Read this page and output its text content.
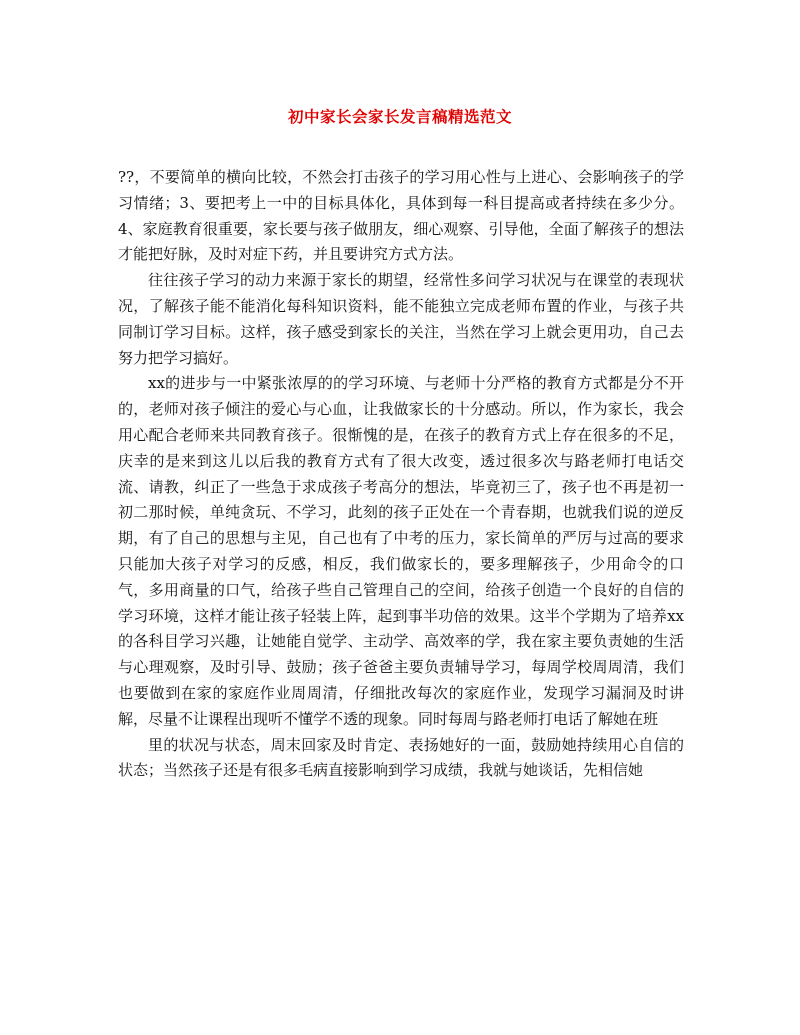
初中家长会家长发言稿精选范文

??，不要简单的横向比较，不然会打击孩子的学习用心性与上进心、会影响孩子的学习情绪；3、要把考上一中的目标具体化，具体到每一科目提高或者持续在多少分。4、家庭教育很重要，家长要与孩子做朋友，细心观察、引导他，全面了解孩子的想法才能把好脉，及时对症下药，并且要讲究方式方法。

往往孩子学习的动力来源于家长的期望，经常性多问学习状况与在课堂的表现状况，了解孩子能不能消化每科知识资料，能不能独立完成老师布置的作业，与孩子共同制订学习目标。这样，孩子感受到家长的关注，当然在学习上就会更用功，自己去努力把学习搞好。

xx的进步与一中紧张浓厚的的学习环境、与老师十分严格的教育方式都是分不开的，老师对孩子倾注的爱心与心血，让我做家长的十分感动。所以，作为家长，我会用心配合老师来共同教育孩子。很惭愧的是，在孩子的教育方式上存在很多的不足，庆幸的是来到这儿以后我的教育方式有了很大改变，透过很多次与路老师打电话交流、请教，纠正了一些急于求成孩子考高分的想法，毕竟初三了，孩子也不再是初一初二那时候，单纯贪玩、不学习，此刻的孩子正处在一个青春期，也就我们说的逆反期，有了自己的思想与主见，自己也有了中考的压力，家长简单的严厉与过高的要求只能加大孩子对学习的反感，相反，我们做家长的，要多理解孩子，少用命令的口气，多用商量的口气，给孩子些自己管理自己的空间，给孩子创造一个良好的自信的学习环境，这样才能让孩子轻装上阵，起到事半功倍的效果。这半个学期为了培养xx的各科目学习兴趣，让她能自觉学、主动学、高效率的学，我在家主要负责她的生活与心理观察，及时引导、鼓励；孩子爸爸主要负责辅导学习，每周学校周周清，我们也要做到在家的家庭作业周周清，仔细批改每次的家庭作业，发现学习漏洞及时讲解，尽量不让课程出现听不懂学不透的现象。同时每周与路老师打电话了解她在班

里的状况与状态，周末回家及时肯定、表扬她好的一面，鼓励她持续用心自信的状态；当然孩子还是有很多毛病直接影响到学习成绩，我就与她谈话，先相信她
